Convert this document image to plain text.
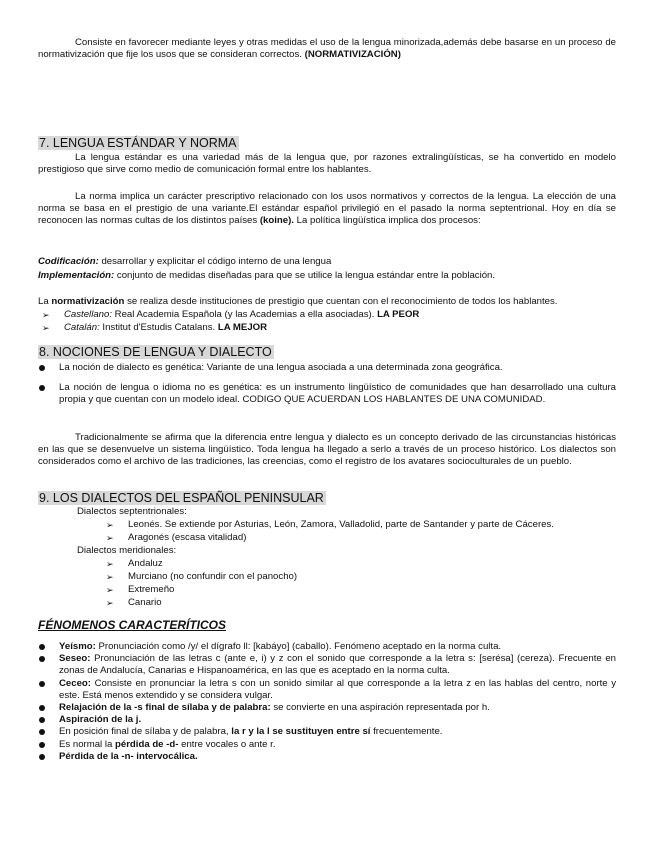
Consiste en favorecer mediante leyes y otras medidas el uso de la lengua minorizada,además debe basarse en un proceso de normativización que fije los usos que se consideran correctos. (NORMATIVIZACIÓN)
7. LENGUA ESTÁNDAR Y NORMA
La lengua estándar es una variedad más de la lengua que, por razones extralingüísticas, se ha convertido en modelo prestigioso que sirve como medio de comunicación formal entre los hablantes.
La norma implica un carácter prescriptivo relacionado con los usos normativos y correctos de la lengua. La elección de una norma se basa en el prestigio de una variante.El estándar español privilegió en el pasado la norma septentrional. Hoy en día se reconocen las normas cultas de los distintos países (koine). La política lingüística implica dos procesos:
Codificación: desarrollar y explicitar el código interno de una lengua
Implementación: conjunto de medidas diseñadas para que se utilice la lengua estándar entre la población.
La normativización se realiza desde instituciones de prestigio que cuentan con el reconocimiento de todos los hablantes.
➢ Castellano: Real Academia Española (y las Academias a ella asociadas). LA PEOR
➢ Catalán: Institut d'Estudis Catalans. LA MEJOR
8. NOCIONES DE LENGUA Y DIALECTO
La noción de dialecto es genética: Variante de una lengua asociada a una determinada zona geográfica.
La noción de lengua o idioma no es genética: es un instrumento lingüístico de comunidades que han desarrollado una cultura propia y que cuentan con un modelo ideal. CODIGO QUE ACUERDAN LOS HABLANTES DE UNA COMUNIDAD.
Tradicionalmente se afirma que la diferencia entre lengua y dialecto es un concepto derivado de las circunstancias históricas en las que se desenvuelve un sistema lingüístico. Toda lengua ha llegado a serlo a través de un proceso histórico. Los dialectos son considerados como el archivo de las tradiciones, las creencias, como el registro de los avatares socioculturales de un pueblo.
9. LOS DIALECTOS DEL ESPAÑOL PENINSULAR
Dialectos septentrionales:
➢ Leonés. Se extiende por Asturias, León, Zamora, Valladolid, parte de Santander y parte de Cáceres.
➢ Aragonés (escasa vitalidad)
Dialectos meridionales:
➢ Andaluz
➢ Murciano (no confundir con el panocho)
➢ Extremeño
➢ Canario
FÉNOMENOS CARACTERÍTICOS
Yeísmo: Pronunciación como /y/ el dígrafo ll: [kabáyo] (caballo). Fenómeno aceptado en la norma culta.
Seseo: Pronunciación de las letras c (ante e, i) y z con el sonido que corresponde a la letra s: [serésa] (cereza). Frecuente en zonas de Andalucía, Canarias e Hispanoamérica, en las que es aceptado en la norma culta.
Ceceo: Consiste en pronunciar la letra s con un sonido similar al que corresponde a la letra z en las hablas del centro, norte y este. Está menos extendido y se considera vulgar.
Relajación de la -s final de sílaba y de palabra: se convierte en una aspiración representada por h.
Aspiración de la j.
En posición final de sílaba y de palabra, la r y la l se sustituyen entre sí frecuentemente.
Es normal la pérdida de -d- entre vocales o ante r.
Pérdida de la -n- intervocálica.
